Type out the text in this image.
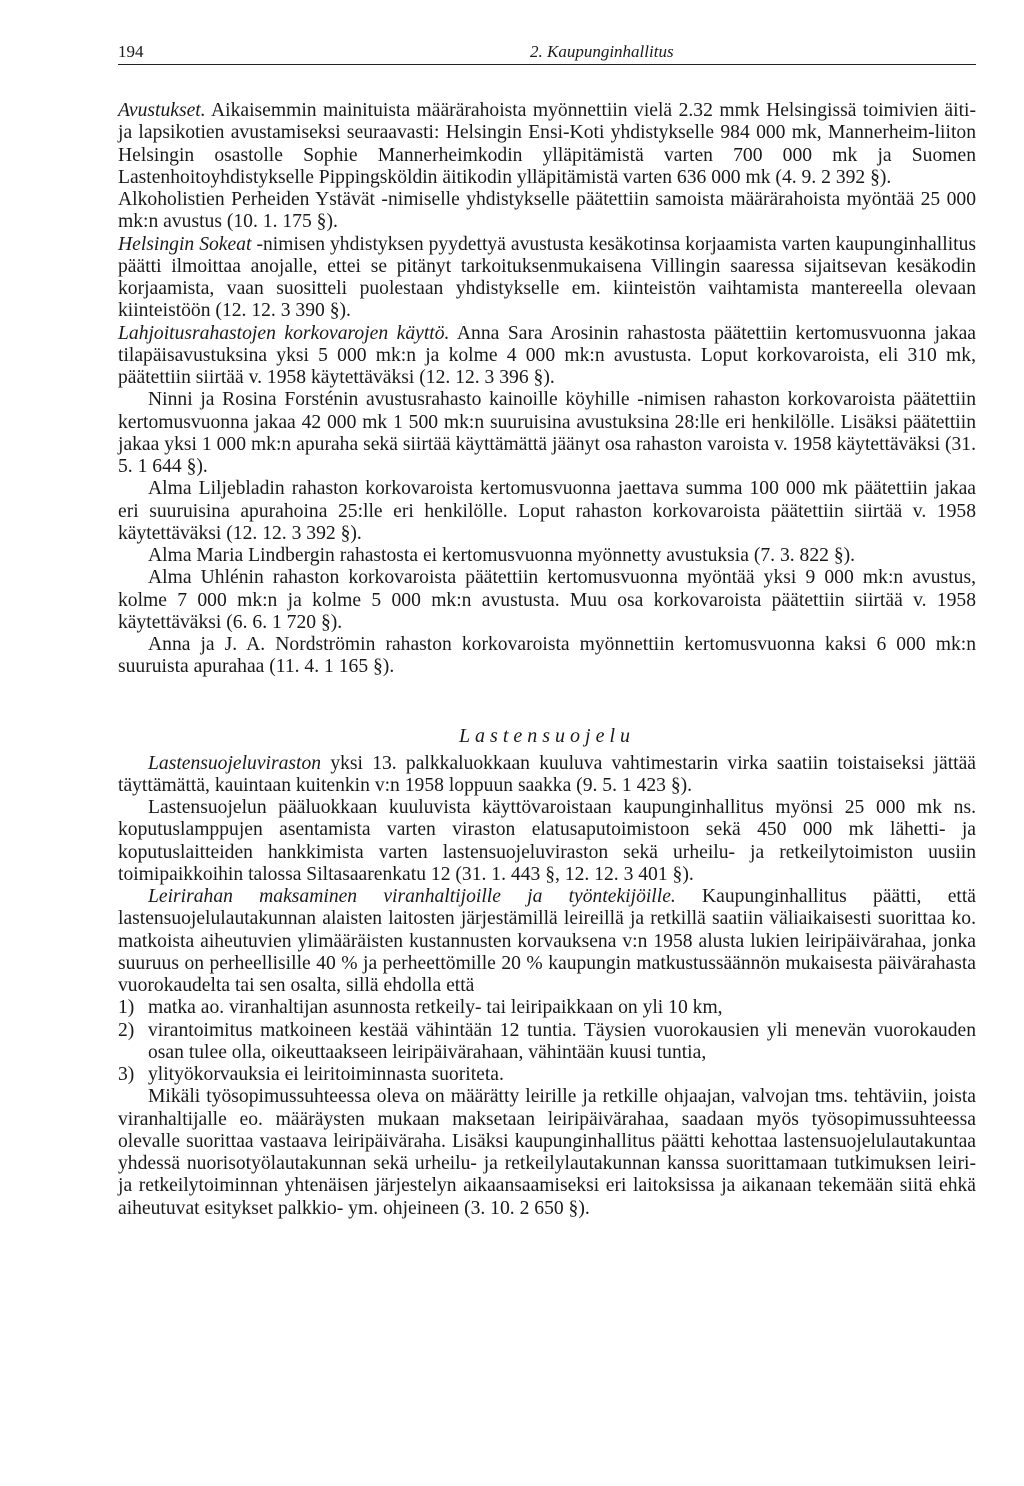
194	2. Kaupunginhallitus

Avustukset. Aikaisemmin mainituista määrärahoista myönnettiin vielä 2.32 mmk Helsingissä toimivien äiti- ja lapsikotien avustamiseksi seuraavasti: Helsingin Ensi-Koti yhdistykselle 984 000 mk, Mannerheim-liiton Helsingin osastolle Sophie Mannerheimkodin ylläpitämistä varten 700 000 mk ja Suomen Lastenhoitoyhdistykselle Pippingsköldin äitikodin ylläpitämistä varten 636 000 mk (4. 9. 2 392 §).

Alkoholistien Perheiden Ystävät -nimiselle yhdistykselle päätettiin samoista määrärahoista myöntää 25 000 mk:n avustus (10. 1. 175 §).

Helsingin Sokeat -nimisen yhdistyksen pyydettyä avustusta kesäkotinsa korjaamista varten kaupunginhallitus päätti ilmoittaa anojalle, ettei se pitänyt tarkoituksenmukaisena Villingin saaressa sijaitsevan kesäkodin korjaamista, vaan suositteli puolestaan yhdistykselle em. kiinteistön vaihtamista mantereella olevaan kiinteistöön (12. 12. 3 390 §).

Lahjoitusrahastojen korkovarojen käyttö. Anna Sara Arosinin rahastosta päätettiin kertomusvuonna jakaa tilapäisavustuksina yksi 5 000 mk:n ja kolme 4 000 mk:n avustusta. Loput korkovaroista, eli 310 mk, päätettiin siirtää v. 1958 käytettäväksi (12. 12. 3 396 §).

Ninni ja Rosina Forsténin avustusrahasto kainoille köyhille -nimisen rahaston korkovaroista päätettiin kertomusvuonna jakaa 42 000 mk 1 500 mk:n suuruisina avustuksina 28:lle eri henkilölle. Lisäksi päätettiin jakaa yksi 1 000 mk:n apuraha sekä siirtää käyttämättä jäänyt osa rahaston varoista v. 1958 käytettäväksi (31. 5. 1 644 §).

Alma Liljebladin rahaston korkovaroista kertomusvuonna jaettava summa 100 000 mk päätettiin jakaa eri suuruisina apurahoina 25:lle eri henkilölle. Loput rahaston korkovaroista päätettiin siirtää v. 1958 käytettäväksi (12. 12. 3 392 §).

Alma Maria Lindbergin rahastosta ei kertomusvuonna myönnetty avustuksia (7. 3. 822 §).

Alma Uhlénin rahaston korkovaroista päätettiin kertomusvuonna myöntää yksi 9 000 mk:n avustus, kolme 7 000 mk:n ja kolme 5 000 mk:n avustusta. Muu osa korkovaroista päätettiin siirtää v. 1958 käytettäväksi (6. 6. 1 720 §).

Anna ja J. A. Nordströmin rahaston korkovaroista myönnettiin kertomusvuonna kaksi 6 000 mk:n suuruista apurahaa (11. 4. 1 165 §).

Lastensuojelu

Lastensuojeluviraston yksi 13. palkkaluokkaan kuuluva vahtimestarin virka saatiin toistaiseksi jättää täyttämättä, kauintaan kuitenkin v:n 1958 loppuun saakka (9. 5. 1 423 §).

Lastensuojelun pääluokkaan kuuluvista käyttövaroistaan kaupunginhallitus myönsi 25 000 mk ns. koputuslamppujen asentamista varten viraston elatusaputoimistoon sekä 450 000 mk lähetti- ja koputuslaitteiden hankkimista varten lastensuojeluviraston sekä urheilu- ja retkeilytoimiston uusiin toimipaikkoihin talossa Siltasaarenkatu 12 (31. 1. 443 §, 12. 12. 3 401 §).

Leirirahan maksaminen viranhaltijoille ja työntekijöille. Kaupunginhallitus päätti, että lastensuojelulautakunnan alaisten laitosten järjestämillä leireillä ja retkillä saatiin väliaikaisesti suorittaa ko. matkoista aiheutuvien ylimääräisten kustannusten korvauksena v:n 1958 alusta lukien leiripäivärahaa, jonka suuruus on perheellisille 40 % ja perheettömille 20 % kaupungin matkustussäännön mukaisesta päivärahasta vuorokaudelta tai sen osalta, sillä ehdolla että

1) matka ao. viranhaltijan asunnosta retkeily- tai leiripaikkaan on yli 10 km,

2) virantoimitus matkoineen kestää vähintään 12 tuntia. Täysien vuorokausien yli menevän vuorokauden osan tulee olla, oikeuttaakseen leiripäivärahaan, vähintään kuusi tuntia,

3) ylityökorvauksia ei leiritoiminnasta suoriteta.

Mikäli työsopimussuhteessa oleva on määrätty leirille ja retkille ohjaajan, valvojan tms. tehtäviin, joista viranhaltijalle eo. määräysten mukaan maksetaan leiripäivärahaa, saadaan myös työsopimussuhteessa olevalle suorittaa vastaava leiripäiväraha. Lisäksi kaupunginhallitus päätti kehottaa lastensuojelulautakuntaa yhdessä nuorisotyölautakunnan sekä urheilu- ja retkeilylautakunnan kanssa suorittamaan tutkimuksen leiri- ja retkeilytoiminnan yhtenäisen järjestelyn aikaansaamiseksi eri laitoksissa ja aikanaan tekemään siitä ehkä aiheutuvat esitykset palkkio- ym. ohjeineen (3. 10. 2 650 §).
